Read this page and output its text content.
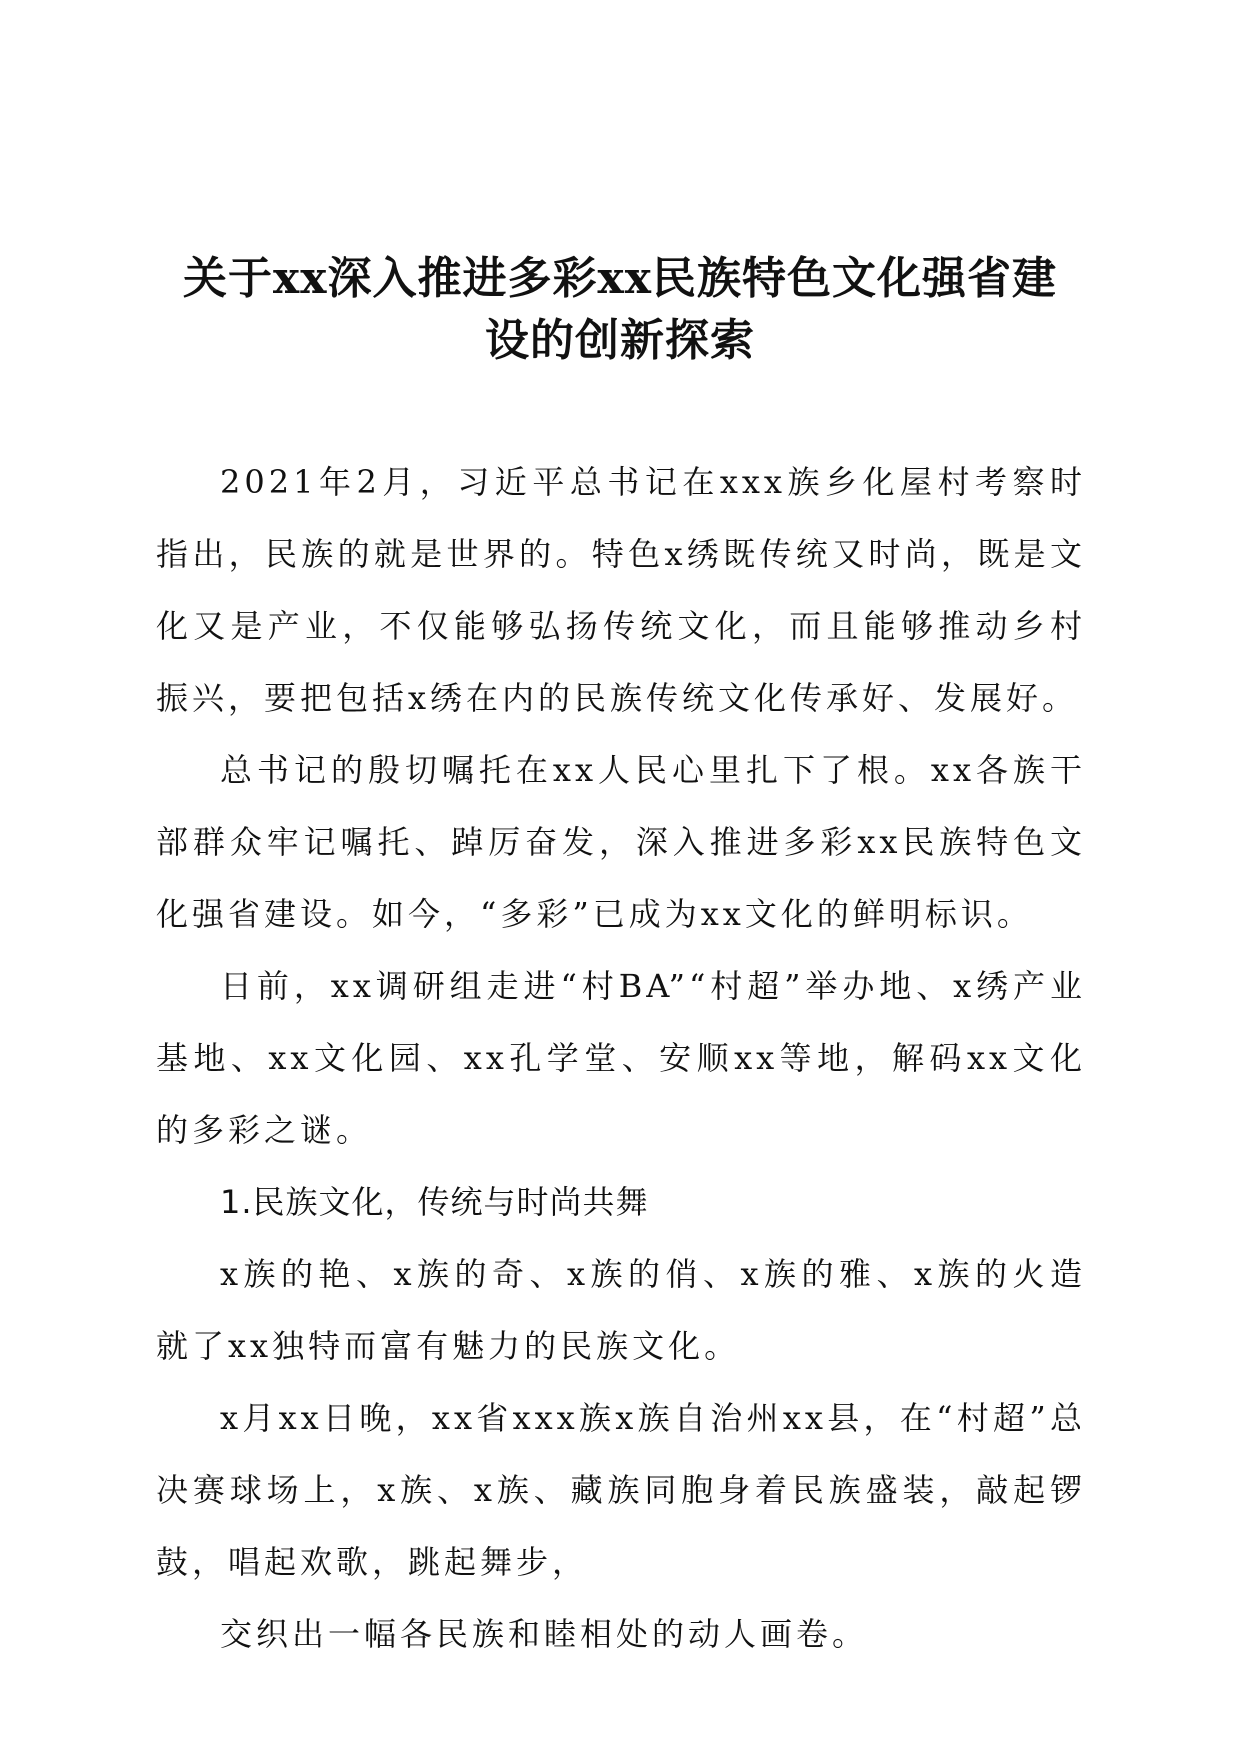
关于xx深入推进多彩xx民族特色文化强省建
设的创新探索

2021年2月，习近平总书记在xxx族乡化屋村考察时指出，民族的就是世界的。特色x绣既传统又时尚，既是文化又是产业，不仅能够弘扬传统文化，而且能够推动乡村振兴，要把包括x绣在内的民族传统文化传承好、发展好。

总书记的殷切嘱托在xx人民心里扎下了根。xx各族干部群众牢记嘱托、踔厉奋发，深入推进多彩xx民族特色文化强省建设。如今，“多彩”已成为xx文化的鲜明标识。

日前，xx调研组走进“村BA”“村超”举办地、x绣产业基地、xx文化园、xx孔学堂、安顺xx等地，解码xx文化的多彩之谜。

1.民族文化，传统与时尚共舞

x族的艳、x族的奇、x族的俏、x族的雅、x族的火造就了xx独特而富有魅力的民族文化。

x月xx日晚，xx省xxx族x族自治州xx县，在“村超”总决赛球场上，x族、x族、藏族同胞身着民族盛装，敲起锣鼓，唱起欢歌，跳起舞步，

交织出一幅各民族和睦相处的动人画卷。
